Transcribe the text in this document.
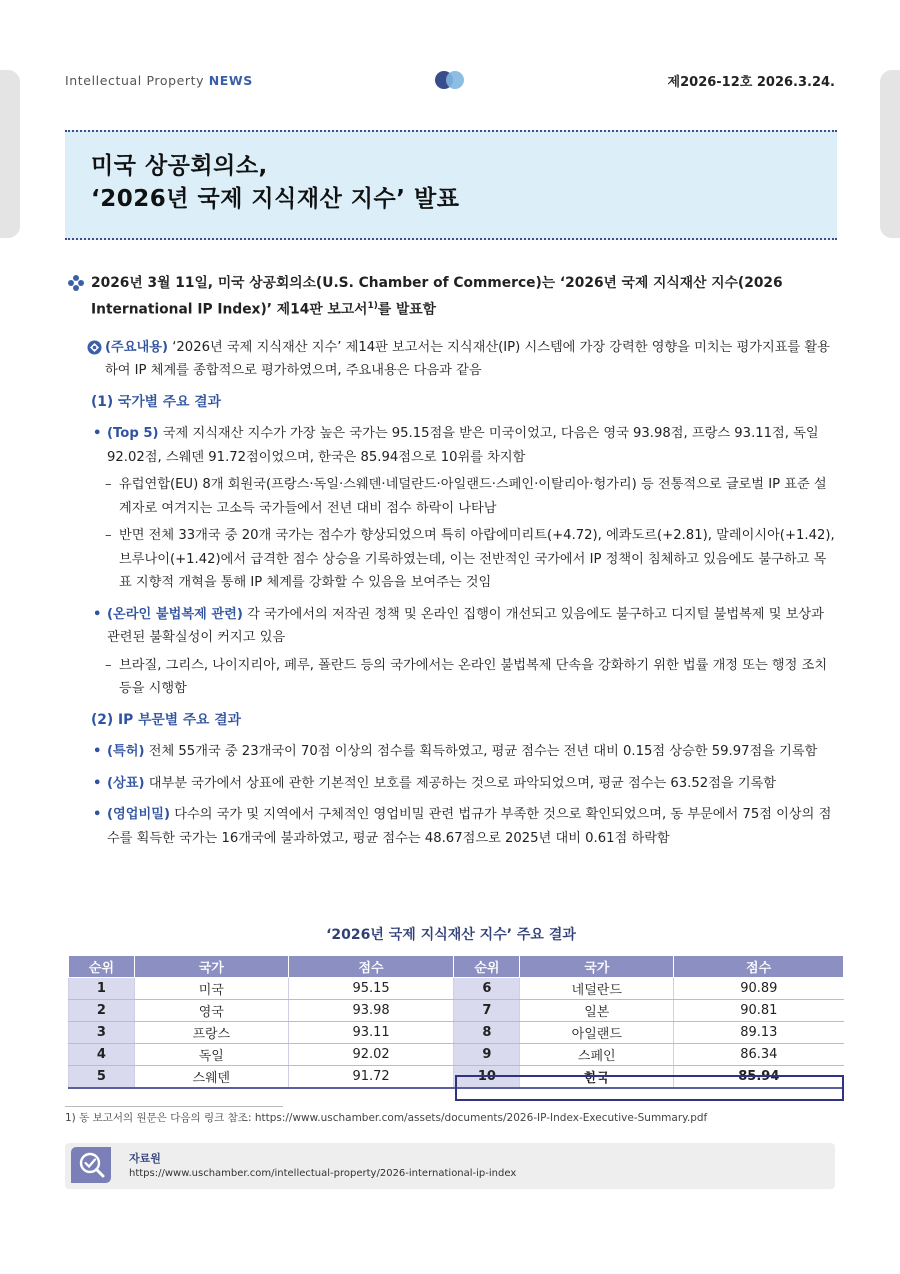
Intellectual Property NEWS	제2026-12호 2026.3.24.
미국 상공회의소,
‘2026년 국제 지식재산 지수’ 발표
2026년 3월 11일, 미국 상공회의소(U.S. Chamber of Commerce)는 ‘2026년 국제 지식재산 지수(2026 International IP Index)’ 제14판 보고서$^{1)}$를 발표함
(주요내용) ‘2026년 국제 지식재산 지수’ 제14판 보고서는 지식재산(IP) 시스템에 가장 강력한 영향을 미치는 평가지표를 활용하여 IP 체계를 종합적으로 평가하였으며, 주요내용은 다음과 같음
(1) 국가별 주요 결과
• (Top 5) 국제 지식재산 지수가 가장 높은 국가는 95.15점을 받은 미국이었고, 다음은 영국 93.98점, 프랑스 93.11점, 독일 92.02점, 스웨덴 91.72점이었으며, 한국은 85.94점으로 10위를 차지함
– 유럽연합(EU) 8개 회원국(프랑스·독일·스웨덴·네덜란드·아일랜드·스페인·이탈리아·헝가리) 등 전통적으로 글로벌 IP 표준 설계자로 여겨지는 고소득 국가들에서 전년 대비 점수 하락이 나타남
– 반면 전체 33개국 중 20개 국가는 점수가 향상되었으며 특히 아랍에미리트(+4.72), 에콰도르(+2.81), 말레이시아(+1.42), 브루나이(+1.42)에서 급격한 점수 상승을 기록하였는데, 이는 전반적인 국가에서 IP 정책이 침체하고 있음에도 불구하고 목표 지향적 개혁을 통해 IP 체계를 강화할 수 있음을 보여주는 것임
• (온라인 불법복제 관련) 각 국가에서의 저작권 정책 및 온라인 집행이 개선되고 있음에도 불구하고 디지털 불법복제 및 보상과 관련된 불확실성이 커지고 있음
– 브라질, 그리스, 나이지리아, 페루, 폴란드 등의 국가에서는 온라인 불법복제 단속을 강화하기 위한 법률 개정 또는 행정 조치 등을 시행함
(2) IP 부문별 주요 결과
• (특허) 전체 55개국 중 23개국이 70점 이상의 점수를 획득하였고, 평균 점수는 전년 대비 0.15점 상승한 59.97점을 기록함
• (상표) 대부분 국가에서 상표에 관한 기본적인 보호를 제공하는 것으로 파악되었으며, 평균 점수는 63.52점을 기록함
• (영업비밀) 다수의 국가 및 지역에서 구체적인 영업비밀 관련 법규가 부족한 것으로 확인되었으며, 동 부문에서 75점 이상의 점수를 획득한 국가는 16개국에 불과하였고, 평균 점수는 48.67점으로 2025년 대비 0.61점 하락함
‘2026년 국제 지식재산 지수’ 주요 결과
순위	국가	점수	순위	국가	점수
1	미국	95.15	6	네덜란드	90.89
2	영국	93.98	7	일본	90.81
3	프랑스	93.11	8	아일랜드	89.13
4	독일	92.02	9	스페인	86.34
5	스웨덴	91.72	10	한국	85.94
1) 동 보고서의 원문은 다음의 링크 참조: https://www.uschamber.com/assets/documents/2026-IP-Index-Executive-Summary.pdf
자료원
https://www.uschamber.com/intellectual-property/2026-international-ip-index
